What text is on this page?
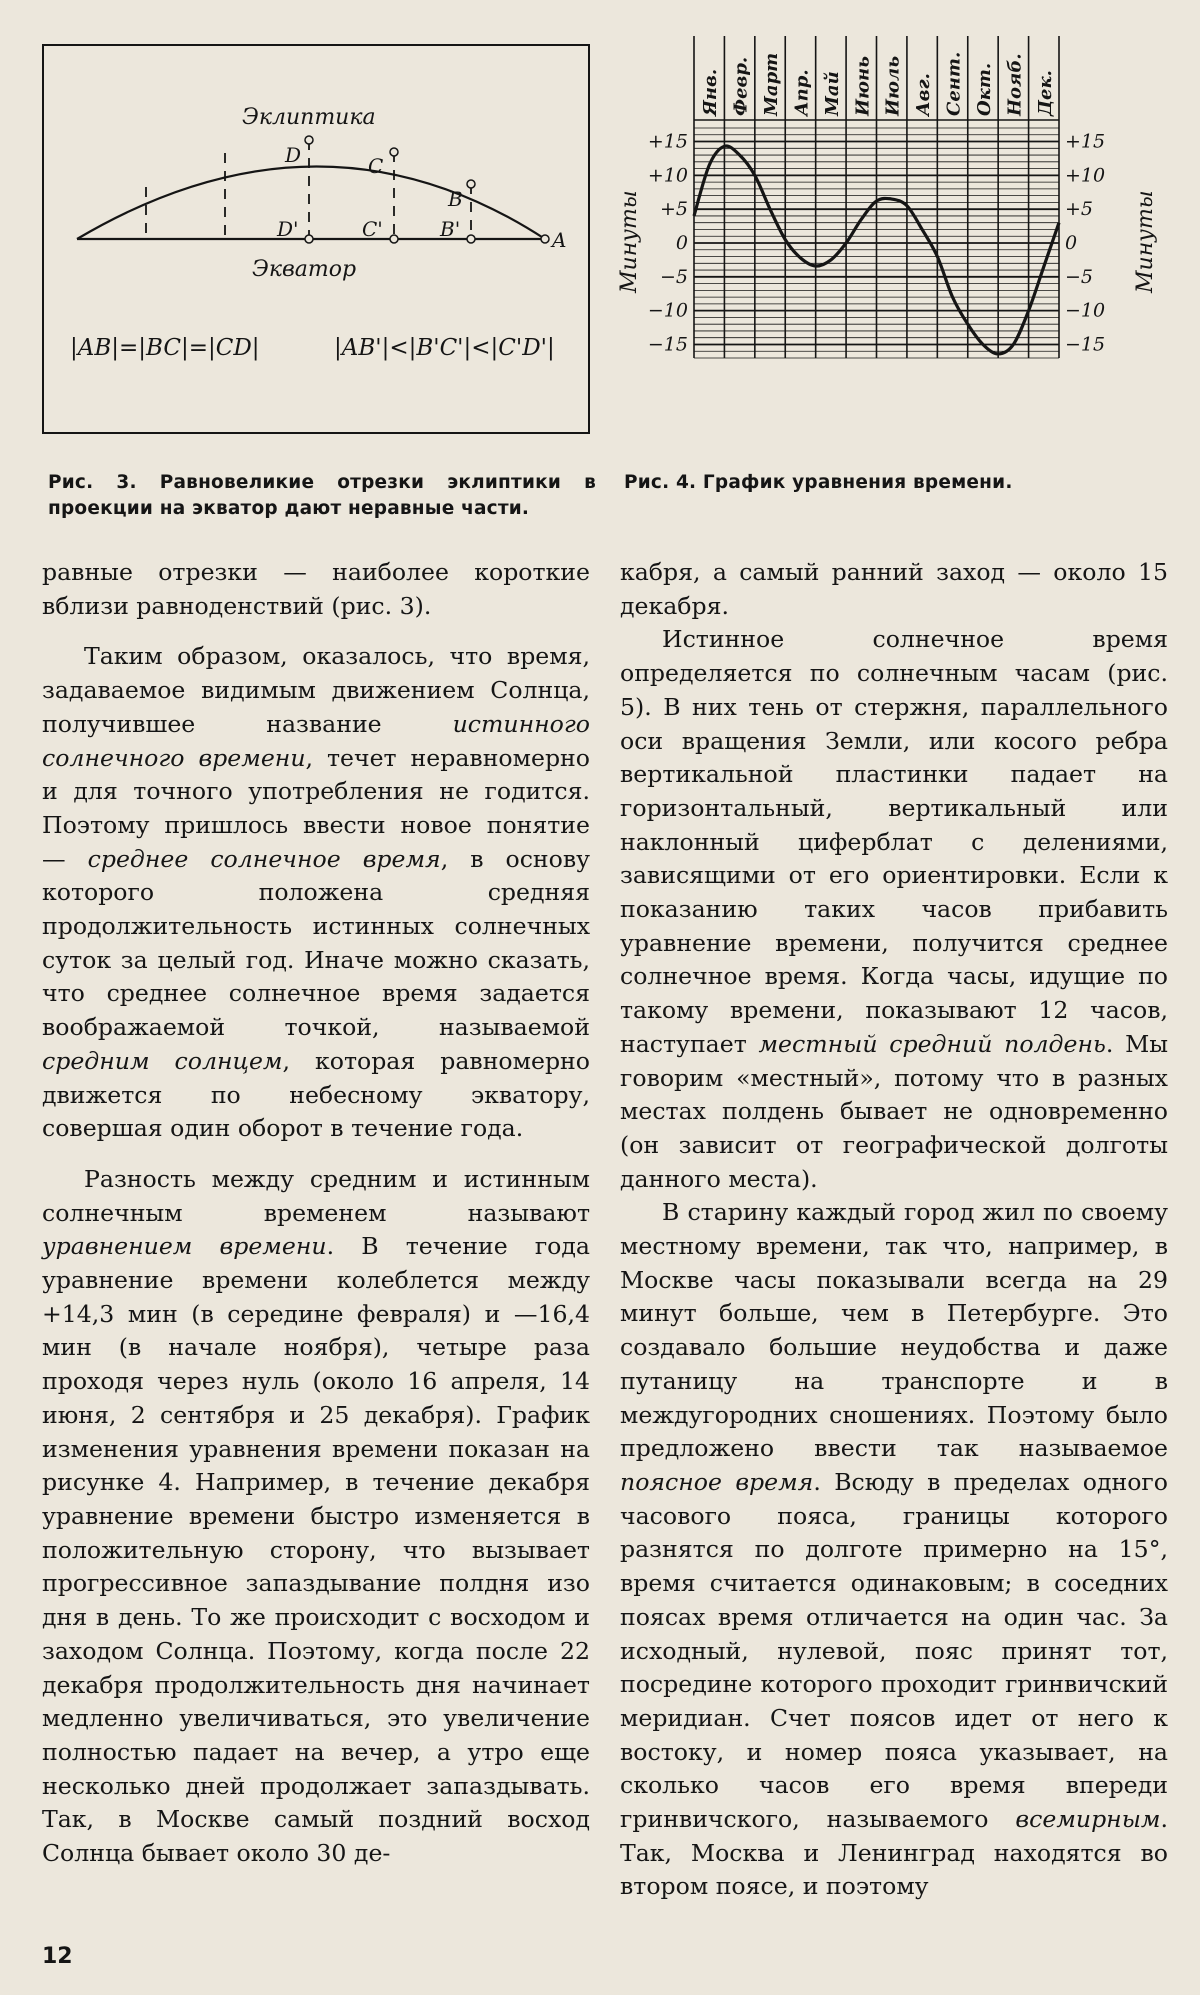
Эклиптика
Экватор
D	C
B
A
D'	C'	B'
|AB|=|BC|=|CD|	|AB'|<|B'C'|<|C'D'|
Рис. 3. Равновеликие отрезки эклиптики в проекции на экватор дают неравные части.
Янв. Февр. Март Апр. Май Июнь Июль Авг. Сент. Окт. Нояб. Дек.
+15	+15
+10	+10
+5	+5
0	0
−5	−5
−10	−10
−15	−15
Минуты	Минуты
Рис. 4. График уравнения времени.

равные отрезки — наиболее короткие вблизи равноденствий (рис. 3).

Таким образом, оказалось, что время, задаваемое видимым движением Солнца, получившее название истинного солнечного времени, течет неравномерно и для точного употребления не годится. Поэтому пришлось ввести новое понятие — среднее солнечное время, в основу которого положена средняя продолжительность истинных солнечных суток за целый год. Иначе можно сказать, что среднее солнечное время задается воображаемой точкой, называемой средним солнцем, которая равномерно движется по небесному экватору, совершая один оборот в течение года.

Разность между средним и истинным солнечным временем называют уравнением времени. В течение года уравнение времени колеблется между +14,3 мин (в середине февраля) и —16,4 мин (в начале ноября), четыре раза проходя через нуль (около 16 апреля, 14 июня, 2 сентября и 25 декабря). График изменения уравнения времени показан на рисунке 4. Например, в течение декабря уравнение времени быстро изменяется в положительную сторону, что вызывает прогрессивное запаздывание полдня изо дня в день. То же происходит с восходом и заходом Солнца. Поэтому, когда после 22 декабря продолжительность дня начинает медленно увеличиваться, это увеличение полностью падает на вечер, а утро еще несколько дней продолжает запаздывать. Так, в Москве самый поздний восход Солнца бывает около 30 де-

кабря, а самый ранний заход — около 15 декабря.

Истинное солнечное время определяется по солнечным часам (рис. 5). В них тень от стержня, параллельного оси вращения Земли, или косого ребра вертикальной пластинки падает на горизонтальный, вертикальный или наклонный циферблат с делениями, зависящими от его ориентировки. Если к показанию таких часов прибавить уравнение времени, получится среднее солнечное время. Когда часы, идущие по такому времени, показывают 12 часов, наступает местный средний полдень. Мы говорим «местный», потому что в разных местах полдень бывает не одновременно (он зависит от географической долготы данного места).

В старину каждый город жил по своему местному времени, так что, например, в Москве часы показывали всегда на 29 минут больше, чем в Петербурге. Это создавало большие неудобства и даже путаницу на транспорте и в междугородних сношениях. Поэтому было предложено ввести так называемое поясное время. Всюду в пределах одного часового пояса, границы которого разнятся по долготе примерно на 15°, время считается одинаковым; в соседних поясах время отличается на один час. За исходный, нулевой, пояс принят тот, посредине которого проходит гринвичский меридиан. Счет поясов идет от него к востоку, и номер пояса указывает, на сколько часов его время впереди гринвичского, называемого всемирным. Так, Москва и Ленинград находятся во втором поясе, и поэтому

12
